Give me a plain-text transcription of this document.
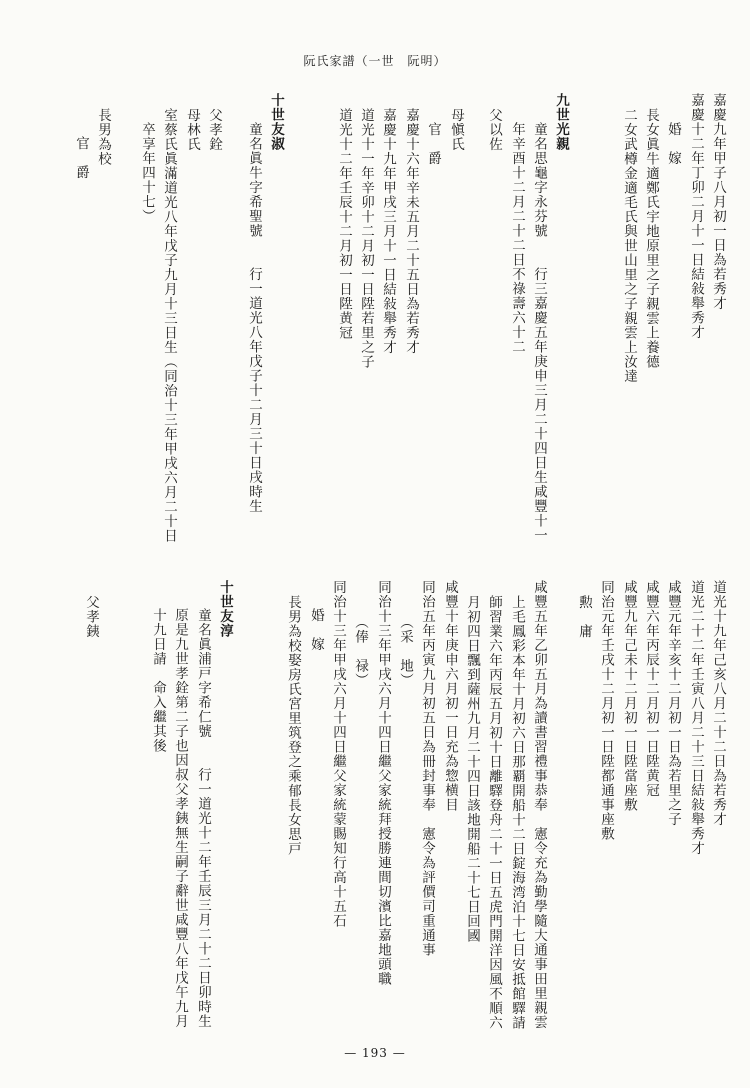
阮氏家譜（一世　阮明）
嘉慶九年甲子八月初一日為若秀才
嘉慶十二年丁卯二月十一日結敍舉秀才
婚　嫁
長女眞牛適鄭氏宇地原里之子親雲上養德
二女武樽金適毛氏與世山里之子親雲上汝達
九世光親
童名思龜字永芬號　　行三嘉慶五年庚申三月二十四日生咸豐十一
年辛酉十二月二十二日不祿壽六十二
父以佐
母愼氏
官　爵
嘉慶十六年辛未五月二十五日為若秀才
嘉慶十九年甲戌三月十一日結敍舉秀才
道光十一年辛卯十二月初一日陞若里之子
道光十二年壬辰十二月初一日陞黄冠
十世友淑
童名眞牛字希聖號　　行一道光八年戊子十二月三十日戌時生
父孝銓
母林氏
室蔡氏眞滿道光八年戊子九月十三日生（同治十三年甲戌六月二十日
卒享年四十七）
長男為校
官　爵
道光十九年己亥八月二十二日為若秀才
道光二十二年壬寅八月二十三日結敍舉秀才
咸豐元年辛亥十二月初一日為若里之子
咸豐六年丙辰十二月初一日陞黄冠
咸豐九年己未十二月初一日陞當座敷
同治元年壬戌十二月初一日陞都通事座敷
勲　庸
咸豐五年乙卯五月為讀書習禮事恭奉　憲令充為勤學隨大通事田里親雲
上毛鳳彩本年十月初六日那覇開船十二日錠海湾泊十七日安抵館驛請
師習業六年丙辰五月初十日離驛登舟二十一日五虎門開洋因風不順六
月初四日飄到薩州九月二十四日該地開船二十七日回國
咸豐十年庚申六月初一日充為惣横目
同治五年丙寅九月初五日為冊封事奉　憲令為評價司重通事
（采　地）
同治十三年甲戌六月十四日繼父家統拜授勝連間切濱比嘉地頭職
（俸　禄）
同治十三年甲戌六月十四日繼父家統蒙賜知行高十五石
婚　嫁
長男為校娶房氏宮里筑登之乘郁長女思戸
十世友淳
童名眞浦戸字希仁號　　行一道光十二年壬辰三月二十二日卯時生
原是九世孝銓第二子也因叔父孝銕無生嗣子辭世咸豐八年戊午九月
十九日請　命入繼其後
父孝銕
— 193 —
